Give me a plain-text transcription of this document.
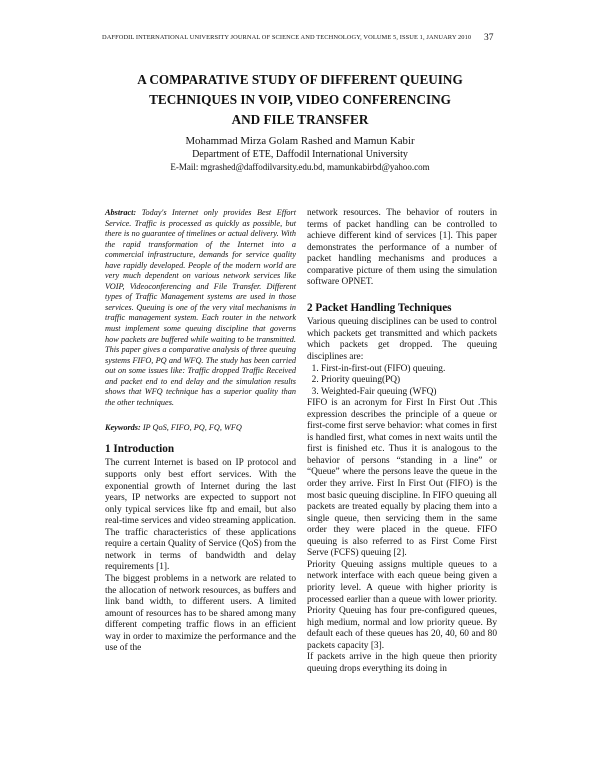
DAFFODIL INTERNATIONAL UNIVERSITY JOURNAL OF SCIENCE AND TECHNOLOGY, VOLUME 5, ISSUE 1, JANUARY 2010	37
A COMPARATIVE STUDY OF DIFFERENT QUEUING
TECHNIQUES IN VOIP, VIDEO CONFERENCING
AND FILE TRANSFER
Mohammad Mirza Golam Rashed and Mamun Kabir
Department of ETE, Daffodil International University
E-Mail: mgrashed@daffodilvarsity.edu.bd, mamunkabirbd@yahoo.com

Abstract: Today's Internet only provides Best Effort Service. Traffic is processed as quickly as possible, but there is no guarantee of timelines or actual delivery. With the rapid transformation of the Internet into a commercial infrastructure, demands for service quality have rapidly developed. People of the modern world are very much dependent on various network services like VOIP, Videoconferencing and File Transfer. Different types of Traffic Management systems are used in those services. Queuing is one of the very vital mechanisms in traffic management system. Each router in the network must implement some queuing discipline that governs how packets are buffered while waiting to be transmitted. This paper gives a comparative analysis of three queuing systems FIFO, PQ and WFQ. The study has been carried out on some issues like: Traffic dropped Traffic Received and packet end to end delay and the simulation results shows that WFQ technique has a superior quality than the other techniques.

Keywords: IP QoS, FIFO, PQ, FQ, WFQ

1 Introduction

The current Internet is based on IP protocol and supports only best effort services. With the exponential growth of Internet during the last years, IP networks are expected to support not only typical services like ftp and email, but also real-time services and video streaming application. The traffic characteristics of these applications require a certain Quality of Service (QoS) from the network in terms of bandwidth and delay requirements [1].

The biggest problems in a network are related to the allocation of network resources, as buffers and link band width, to different users. A limited amount of resources has to be shared among many different competing traffic flows in an efficient way in order to maximize the performance and the use of the

network resources. The behavior of routers in terms of packet handling can be controlled to achieve different kind of services [1]. This paper demonstrates the performance of a number of packet handling mechanisms and produces a comparative picture of them using the simulation software OPNET.

2 Packet Handling Techniques

Various queuing disciplines can be used to control which packets get transmitted and which packets which packets get dropped. The queuing disciplines are:

1. First-in-first-out (FIFO) queuing.
2. Priority queuing(PQ)
3. Weighted-Fair queuing (WFQ)

FIFO is an acronym for First In First Out .This expression describes the principle of a queue or first-come first serve behavior: what comes in first is handled first, what comes in next waits until the first is finished etc. Thus it is analogous to the behavior of persons “standing in a line” or “Queue” where the persons leave the queue in the order they arrive. First In First Out (FIFO) is the most basic queuing discipline. In FIFO queuing all packets are treated equally by placing them into a single queue, then servicing them in the same order they were placed in the queue. FIFO queuing is also referred to as First Come First Serve (FCFS) queuing [2].

Priority Queuing assigns multiple queues to a network interface with each queue being given a priority level. A queue with higher priority is processed earlier than a queue with lower priority. Priority Queuing has four pre-configured queues, high medium, normal and low priority queue. By default each of these queues has 20, 40, 60 and 80 packets capacity [3].

If packets arrive in the high queue then priority queuing drops everything its doing in
